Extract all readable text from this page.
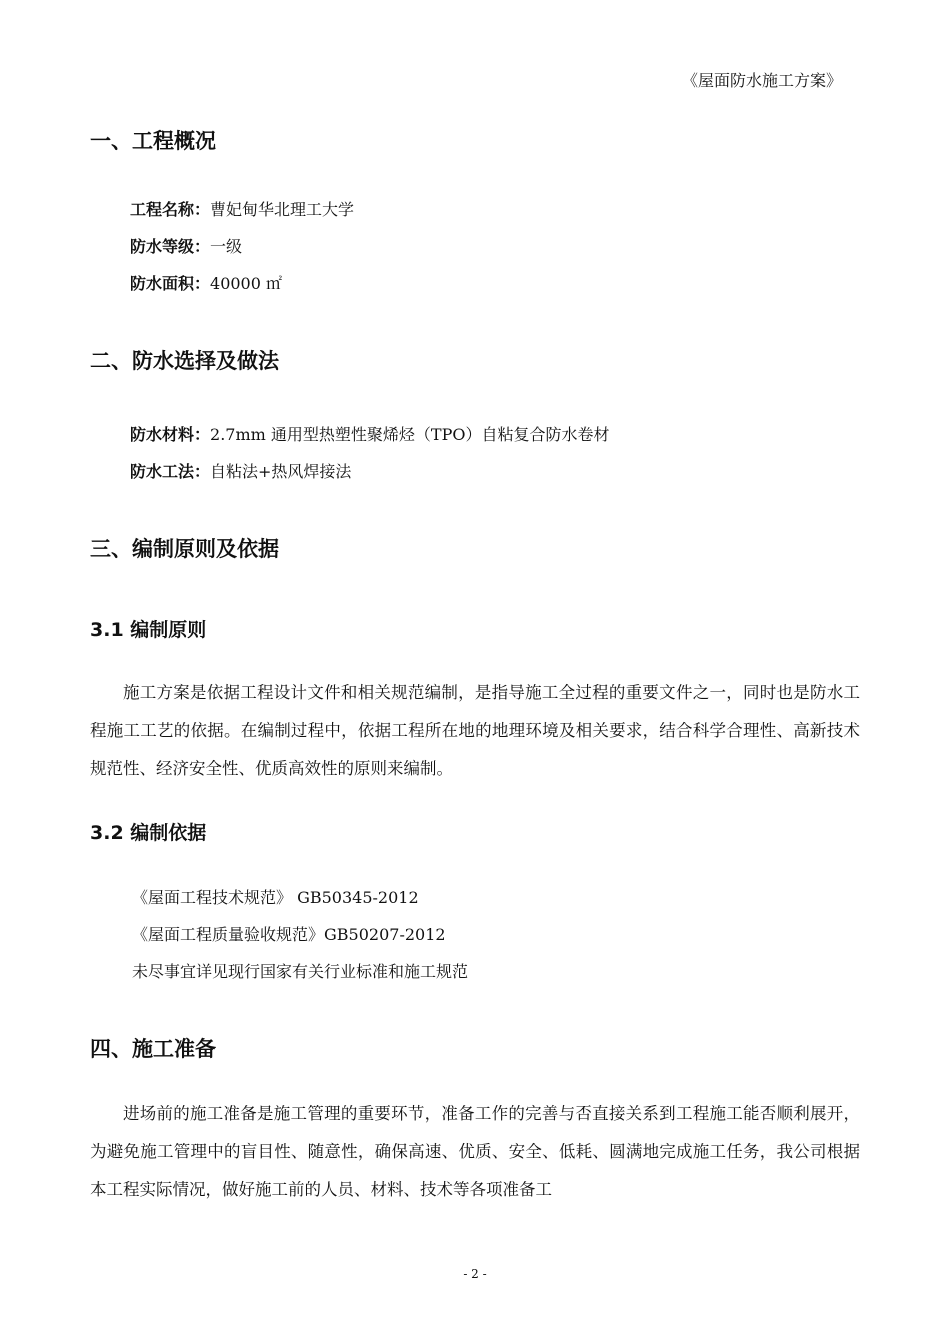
《屋面防水施工方案》
一、工程概况
工程名称：曹妃甸华北理工大学
防水等级：一级
防水面积：40000 ㎡
二、防水选择及做法
防水材料：2.7mm 通用型热塑性聚烯烃（TPO）自粘复合防水卷材
防水工法：自粘法+热风焊接法
三、编制原则及依据
3.1 编制原则

施工方案是依据工程设计文件和相关规范编制，是指导施工全过程的重要文件之一，同时也是防水工程施工工艺的依据。在编制过程中，依据工程所在地的地理环境及相关要求，结合科学合理性、高新技术规范性、经济安全性、优质高效性的原则来编制。

3.2 编制依据
《屋面工程技术规范》 GB50345-2012
《屋面工程质量验收规范》GB50207-2012
未尽事宜详见现行国家有关行业标准和施工规范
四、施工准备

进场前的施工准备是施工管理的重要环节，准备工作的完善与否直接关系到工程施工能否顺利展开，为避免施工管理中的盲目性、随意性，确保高速、优质、安全、低耗、圆满地完成施工任务，我公司根据本工程实际情况，做好施工前的人员、材料、技术等各项准备工

- 2 -
